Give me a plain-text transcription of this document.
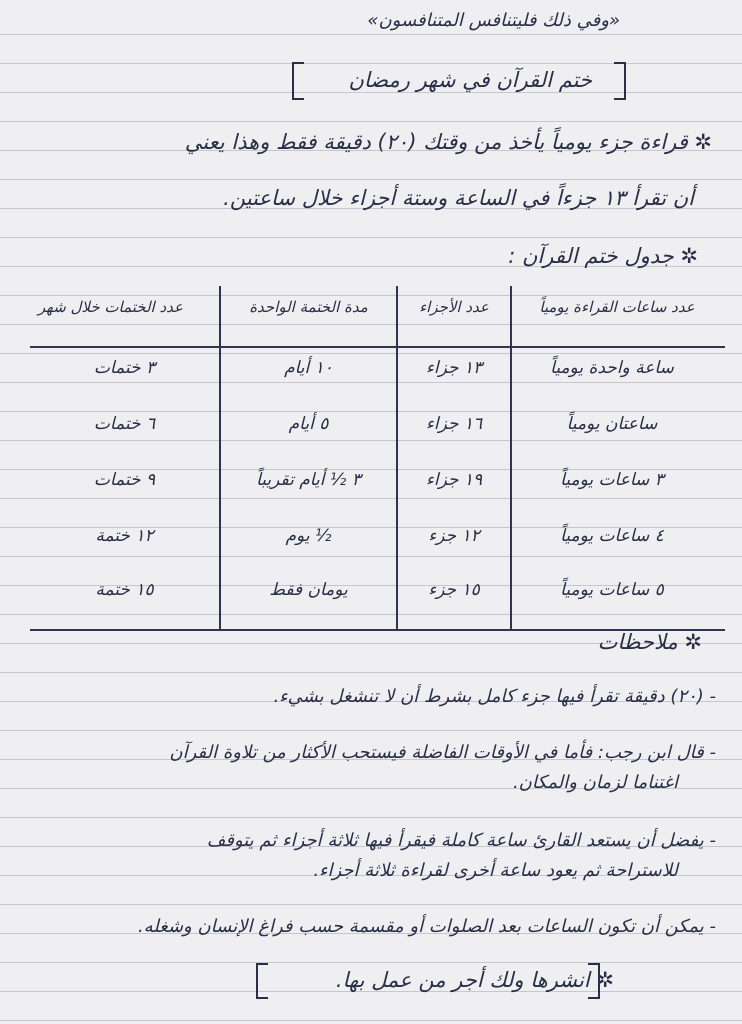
«وفي ذلك فليتنافس المتنافسون»
ختم القرآن في شهر رمضان
✲ قراءة جزء يومياً يأخذ من وقتك (٢٠) دقيقة فقط وهذا يعني
أن تقرأ ١٣ جزءاً في الساعة وستة أجزاء خلال ساعتين.
✲ جدول ختم القرآن :
عدد ساعات القراءة يومياً
عدد الأجزاء
مدة الختمة الواحدة
عدد الختمات خلال شهر
ساعة واحدة يومياً
١٣ جزاء
١٠ أيام
٣ ختمات
ساعتان يومياً
١٦ جزاء
٥ أيام
٦ ختمات
٣ ساعات يومياً
١٩ جزاء
٣ ½ أيام تقريباً
٩ ختمات
٤ ساعات يومياً
١٢ جزء
½ يوم
١٢ ختمة
٥ ساعات يومياً
١٥ جزء
يومان فقط
١٥ ختمة
✲ ملاحظات
- (٢٠) دقيقة تقرأ فيها جزء كامل بشرط أن لا تنشغل بشيء.
- قال ابن رجب: فأما في الأوقات الفاضلة فيستحب الأكثار من تلاوة القرآن
اغتناما لزمان والمكان.
- يفضل أن يستعد القارئ ساعة كاملة فيقرأ فيها ثلاثة أجزاء ثم يتوقف
للاستراحة ثم يعود ساعة أخرى لقراءة ثلاثة أجزاء.
- يمكن أن تكون الساعات بعد الصلوات أو مقسمة حسب فراغ الإنسان وشغله.
✲ انشرها ولك أجر من عمل بها.
